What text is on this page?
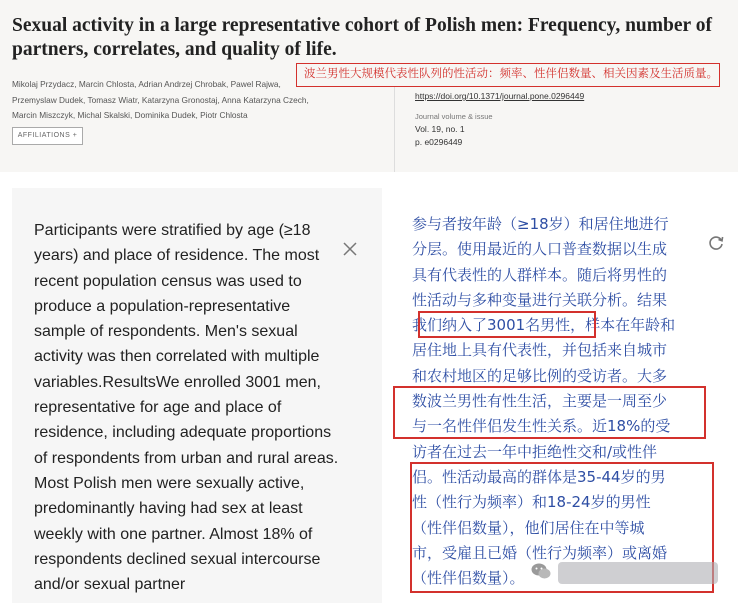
Sexual activity in a large representative cohort of Polish men: Frequency, number of partners, correlates, and quality of life.
Mikolaj Przydacz, Marcin Chlosta, Adrian Andrzej Chrobak, Pawel Rajwa,
Przemyslaw Dudek, Tomasz Wiatr, Katarzyna Gronostaj, Anna Katarzyna Czech,
Marcin Miszczyk, Michal Skalski, Dominika Dudek, Piotr Chlosta
AFFILIATIONS +
https://doi.org/10.1371/journal.pone.0296449
Journal volume & issue
Vol. 19, no. 1
p. e0296449
波兰男性大规模代表性队列的性活动：频率、性伴侣数量、相关因素及生活质量。
Participants were stratified by age (≥18 years) and place of residence. The most recent population census was used to produce a population-representative sample of respondents. Men's sexual activity was then correlated with multiple variables.ResultsWe enrolled 3001 men, representative for age and place of residence, including adequate proportions of respondents from urban and rural areas. Most Polish men were sexually active, predominantly having had sex at least weekly with one partner. Almost 18% of respondents declined sexual intercourse and/or sexual partner
参与者按年龄（≥18岁）和居住地进行
分层。使用最近的人口普查数据以生成
具有代表性的人群样本。随后将男性的
性活动与多种变量进行关联分析。结果
我们纳入了3001名男性，样本在年龄和
居住地上具有代表性，并包括来自城市
和农村地区的足够比例的受访者。大多
数波兰男性有性生活，主要是一周至少
与一名性伴侣发生性关系。近18%的受
访者在过去一年中拒绝性交和/或性伴
侣。性活动最高的群体是35-44岁的男
性（性行为频率）和18-24岁的男性
（性伴侣数量），他们居住在中等城
市，受雇且已婚（性行为频率）或离婚
（性伴侣数量）。
